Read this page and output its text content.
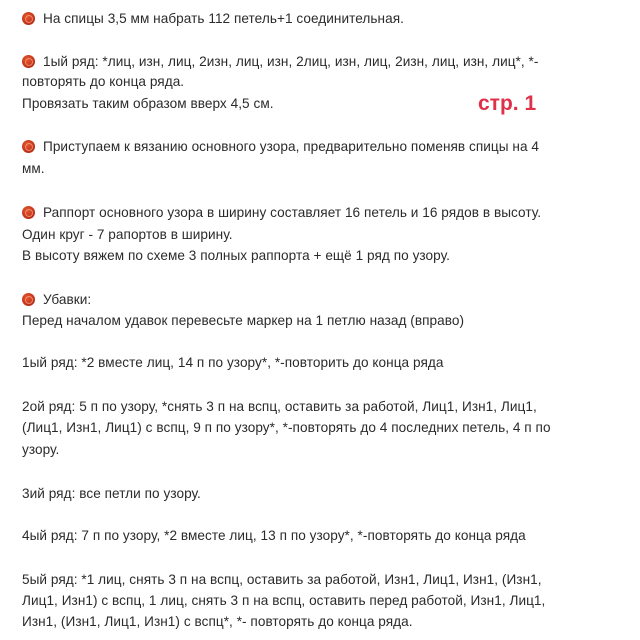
На спицы 3,5 мм набрать 112 петель+1 соединительная.
1ый ряд: *лиц, изн, лиц, 2изн, лиц, изн, 2лиц, изн, лиц, 2изн, лиц, изн, лиц*, *-
повторять до конца ряда.
Провязать таким образом вверх 4,5 см.	стр. 1
Приступаем к вязанию основного узора, предварительно поменяв спицы на 4
мм.
Раппорт основного узора в ширину составляет 16 петель и 16 рядов в высоту.
Один круг - 7 рапортов в ширину.
В высоту вяжем по схеме 3 полных раппорта + ещё 1 ряд по узору.
Убавки:
Перед началом удавок перевесьте маркер на 1 петлю назад (вправо)
1ый ряд: *2 вместе лиц, 14 п по узору*, *-повторить до конца ряда
2ой ряд: 5 п по узору, *снять 3 п на вспц, оставить за работой, Лиц1, Изн1, Лиц1,
(Лиц1, Изн1, Лиц1) с вспц, 9 п по узору*, *-повторять до 4 последних петель, 4 п по
узору.
3ий ряд: все петли по узору.
4ый ряд: 7 п по узору, *2 вместе лиц, 13 п по узору*, *-повторять до конца ряда
5ый ряд: *1 лиц, снять 3 п на вспц, оставить за работой, Изн1, Лиц1, Изн1, (Изн1,
Лиц1, Изн1) с вспц, 1 лиц, снять 3 п на вспц, оставить перед работой, Изн1, Лиц1,
Изн1, (Изн1, Лиц1, Изн1) с вспц*, *- повторять до конца ряда.
